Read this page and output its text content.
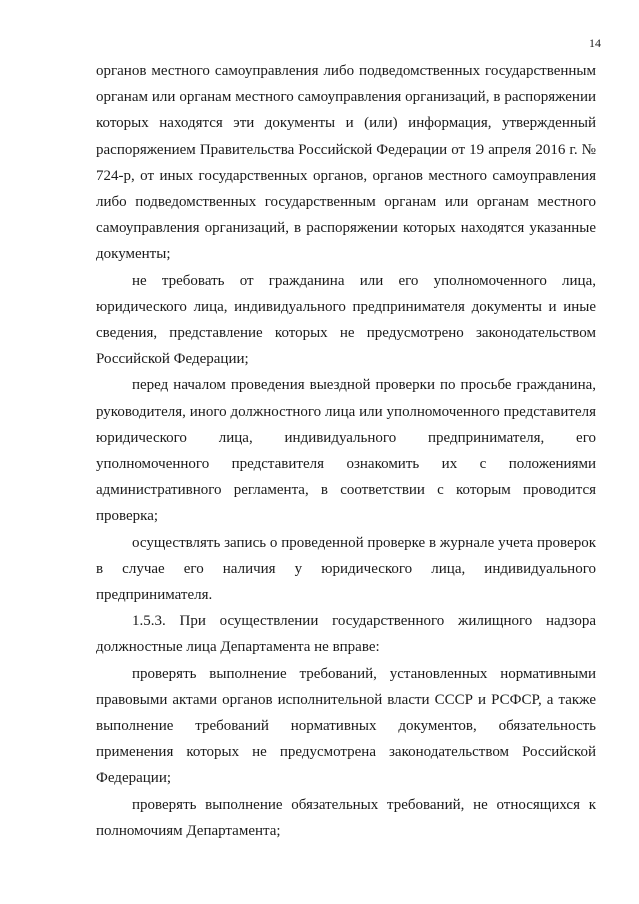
14

органов местного самоуправления либо подведомственных государственным органам или органам местного самоуправления организаций, в распоряжении которых находятся эти документы и (или) информация, утвержденный распоряжением Правительства Российской Федерации от 19 апреля 2016 г. № 724-р, от иных государственных органов, органов местного самоуправления либо подведомственных государственным органам или органам местного самоуправления организаций, в распоряжении которых находятся указанные документы;

не требовать от гражданина или его уполномоченного лица, юридического лица, индивидуального предпринимателя документы и иные сведения, представление которых не предусмотрено законодательством Российской Федерации;

перед началом проведения выездной проверки по просьбе гражданина, руководителя, иного должностного лица или уполномоченного представителя юридического лица, индивидуального предпринимателя, его уполномоченного представителя ознакомить их с положениями административного регламента, в соответствии с которым проводится проверка;

осуществлять запись о проведенной проверке в журнале учета проверок в случае его наличия у юридического лица, индивидуального предпринимателя.

1.5.3. При осуществлении государственного жилищного надзора должностные лица Департамента не вправе:

проверять выполнение требований, установленных нормативными правовыми актами органов исполнительной власти СССР и РСФСР, а также выполнение требований нормативных документов, обязательность применения которых не предусмотрена законодательством Российской Федерации;

проверять выполнение обязательных требований, не относящихся к полномочиям Департамента;
